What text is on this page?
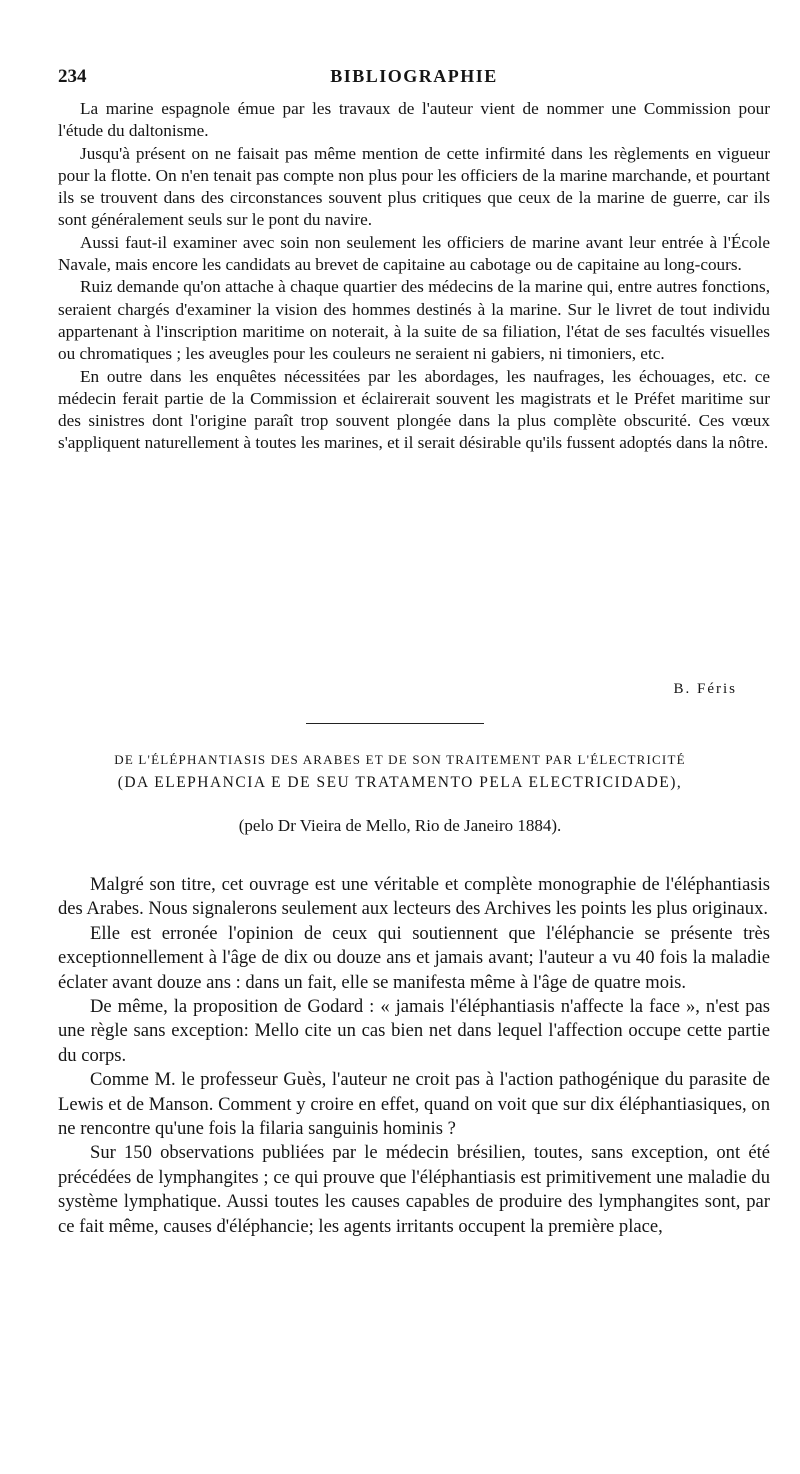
234	BIBLIOGRAPHIE

La marine espagnole émue par les travaux de l'auteur vient de nommer une Commission pour l'étude du daltonisme.

Jusqu'à présent on ne faisait pas même mention de cette infirmité dans les règlements en vigueur pour la flotte. On n'en tenait pas compte non plus pour les officiers de la marine marchande, et pourtant ils se trouvent dans des circonstances souvent plus critiques que ceux de la marine de guerre, car ils sont généralement seuls sur le pont du navire.

Aussi faut-il examiner avec soin non seulement les officiers de marine avant leur entrée à l'École Navale, mais encore les candidats au brevet de capitaine au cabotage ou de capitaine au long-cours.

Ruiz demande qu'on attache à chaque quartier des médecins de la marine qui, entre autres fonctions, seraient chargés d'examiner la vision des hommes destinés à la marine. Sur le livret de tout individu appartenant à l'inscription maritime on noterait, à la suite de sa filiation, l'état de ses facultés visuelles ou chromatiques ; les aveugles pour les couleurs ne seraient ni gabiers, ni timoniers, etc.

En outre dans les enquêtes nécessitées par les abordages, les naufrages, les échouages, etc. ce médecin ferait partie de la Commission et éclairerait souvent les magistrats et le Préfet maritime sur des sinistres dont l'origine paraît trop souvent plongée dans la plus complète obscurité. Ces vœux s'appliquent naturellement à toutes les marines, et il serait désirable qu'ils fussent adoptés dans la nôtre.

B. Féris
DE L'ÉLÉPHANTIASIS DES ARABES ET DE SON TRAITEMENT PAR L'ÉLECTRICITÉ
(DA ELEPHANCIA E DE SEU TRATAMENTO PELA ELECTRICIDADE),
(pelo Dr Vieira de Mello, Rio de Janeiro 1884).

Malgré son titre, cet ouvrage est une véritable et complète monographie de l'éléphantiasis des Arabes. Nous signalerons seulement aux lecteurs des Archives les points les plus originaux.

Elle est erronée l'opinion de ceux qui soutiennent que l'éléphancie se présente très exceptionnellement à l'âge de dix ou douze ans et jamais avant; l'auteur a vu 40 fois la maladie éclater avant douze ans : dans un fait, elle se manifesta même à l'âge de quatre mois.

De même, la proposition de Godard : « jamais l'éléphantiasis n'affecte la face », n'est pas une règle sans exception: Mello cite un cas bien net dans lequel l'affection occupe cette partie du corps.

Comme M. le professeur Guès, l'auteur ne croit pas à l'action pathogénique du parasite de Lewis et de Manson. Comment y croire en effet, quand on voit que sur dix éléphantiasiques, on ne rencontre qu'une fois la filaria sanguinis hominis ?

Sur 150 observations publiées par le médecin brésilien, toutes, sans exception, ont été précédées de lymphangites ; ce qui prouve que l'éléphantiasis est primitivement une maladie du système lymphatique. Aussi toutes les causes capables de produire des lymphangites sont, par ce fait même, causes d'éléphancie; les agents irritants occupent la première place,
